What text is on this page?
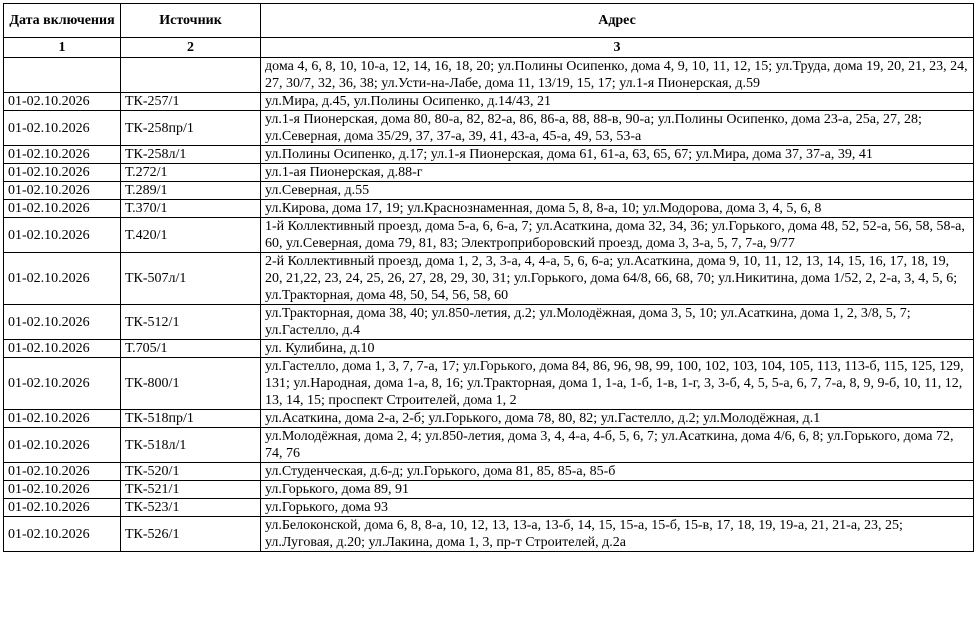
Дата включения	Источник	Адрес
1	2	3
		дома 4, 6, 8, 10, 10-а, 12, 14, 16, 18, 20; ул.Полины Осипенко, дома 4, 9, 10, 11, 12, 15; ул.Труда, дома 19, 20, 21, 23, 24, 27, 30/7, 32, 36, 38; ул.Усти-на-Лабе, дома 11, 13/19, 15, 17; ул.1-я Пионерская, д.59
01-02.10.2026	ТК-257/1	ул.Мира, д.45, ул.Полины Осипенко, д.14/43, 21
01-02.10.2026	ТК-258пр/1	ул.1-я Пионерская, дома 80, 80-а, 82, 82-а, 86, 86-а, 88, 88-в, 90-а; ул.Полины Осипенко, дома 23-а, 25а, 27, 28; ул.Северная, дома 35/29, 37, 37-а, 39, 41, 43-а, 45-а, 49, 53, 53-а
01-02.10.2026	ТК-258л/1	ул.Полины Осипенко, д.17; ул.1-я Пионерская, дома 61, 61-а, 63, 65, 67; ул.Мира, дома 37, 37-а, 39, 41
01-02.10.2026	Т.272/1	ул.1-ая Пионерская, д.88-г
01-02.10.2026	Т.289/1	ул.Северная, д.55
01-02.10.2026	Т.370/1	ул.Кирова, дома 17, 19; ул.Краснознаменная, дома 5, 8, 8-а, 10; ул.Модорова, дома 3, 4, 5, 6, 8
01-02.10.2026	Т.420/1	1-й Коллективный проезд, дома 5-а, 6, 6-а, 7; ул.Асаткина, дома 32, 34, 36; ул.Горького, дома 48, 52, 52-а, 56, 58, 58-а, 60, ул.Северная, дома 79, 81, 83; Электроприборовский проезд, дома 3, 3-а, 5, 7, 7-а, 9/77
01-02.10.2026	ТК-507л/1	2-й Коллективный проезд, дома 1, 2, 3, 3-а, 4, 4-а, 5, 6, 6-а; ул.Асаткина, дома 9, 10, 11, 12, 13, 14, 15, 16, 17, 18, 19, 20, 21,22, 23, 24, 25, 26, 27, 28, 29, 30, 31; ул.Горького, дома 64/8, 66, 68, 70; ул.Никитина, дома 1/52, 2, 2-а, 3, 4, 5, 6; ул.Тракторная, дома 48, 50, 54, 56, 58, 60
01-02.10.2026	ТК-512/1	ул.Тракторная, дома 38, 40; ул.850-летия, д.2; ул.Молодёжная, дома 3, 5, 10; ул.Асаткина, дома 1, 2, 3/8, 5, 7; ул.Гастелло, д.4
01-02.10.2026	Т.705/1	ул. Кулибина, д.10
01-02.10.2026	ТК-800/1	ул.Гастелло, дома 1, 3, 7, 7-а, 17; ул.Горького, дома 84, 86, 96, 98, 99, 100, 102, 103, 104, 105, 113, 113-б, 115, 125, 129, 131; ул.Народная, дома 1-а, 8, 16; ул.Тракторная, дома 1, 1-а, 1-б, 1-в, 1-г, 3, 3-б, 4, 5, 5-а, 6, 7, 7-а, 8, 9, 9-б, 10, 11, 12, 13, 14, 15; проспект Строителей, дома 1, 2
01-02.10.2026	ТК-518пр/1	ул.Асаткина, дома 2-а, 2-б; ул.Горького, дома 78, 80, 82; ул.Гастелло, д.2; ул.Молодёжная, д.1
01-02.10.2026	ТК-518л/1	ул.Молодёжная, дома 2, 4; ул.850-летия, дома 3, 4, 4-а, 4-б, 5, 6, 7; ул.Асаткина, дома 4/6, 6, 8; ул.Горького, дома 72, 74, 76
01-02.10.2026	ТК-520/1	ул.Студенческая, д.6-д; ул.Горького, дома 81, 85, 85-а, 85-б
01-02.10.2026	ТК-521/1	ул.Горького, дома 89, 91
01-02.10.2026	ТК-523/1	ул.Горького, дома 93
01-02.10.2026	ТК-526/1	ул.Белоконской, дома 6, 8, 8-а, 10, 12, 13, 13-а, 13-б, 14, 15, 15-а, 15-б, 15-в, 17, 18, 19, 19-а, 21, 21-а, 23, 25; ул.Луговая, д.20; ул.Лакина, дома 1, 3, пр-т Строителей, д.2а
